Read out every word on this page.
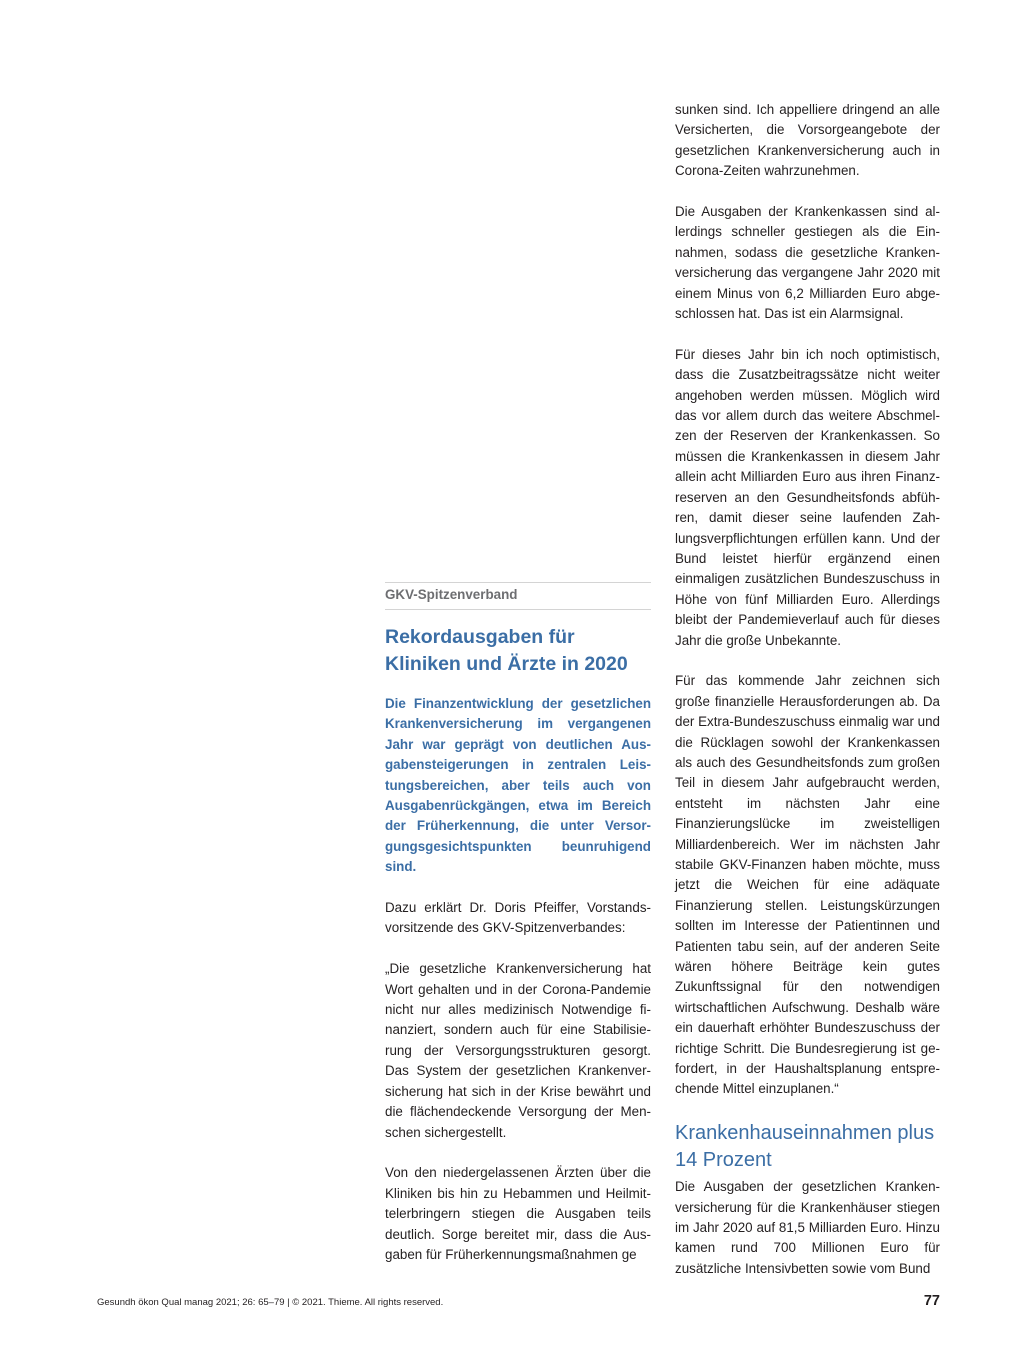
GKV-Spitzenverband
Rekordausgaben für
Kliniken und Ärzte in 2020

Die Finanzentwicklung der gesetzlichen Krankenversicherung im vergangenen Jahr war geprägt von deutlichen Ausgabensteigerungen in zentralen Leistungsbereichen, aber teils auch von Ausgabenrückgängen, etwa im Bereich der Früherkennung, die unter Versorgungsgesichtspunkten beunruhigend sind.

Dazu erklärt Dr. Doris Pfeiffer, Vorstandsvorsitzende des GKV-Spitzenverbandes:

„Die gesetzliche Krankenversicherung hat Wort gehalten und in der Corona-Pandemie nicht nur alles medizinisch Notwendige finanziert, sondern auch für eine Stabilisierung der Versorgungsstrukturen gesorgt. Das System der gesetzlichen Krankenversicherung hat sich in der Krise bewährt und die flächendeckende Versorgung der Menschen sichergestellt.

Von den niedergelassenen Ärzten über die Kliniken bis hin zu Hebammen und Heilmittelerbringern stiegen die Ausgaben teils deutlich. Sorge bereitet mir, dass die Ausgaben für Früherkennungsmaßnahmen ge

sunken sind. Ich appelliere dringend an alle Versicherten, die Vorsorgeangebote der gesetzlichen Krankenversicherung auch in Corona-Zeiten wahrzunehmen.

Die Ausgaben der Krankenkassen sind allerdings schneller gestiegen als die Einnahmen, sodass die gesetzliche Krankenversicherung das vergangene Jahr 2020 mit einem Minus von 6,2 Milliarden Euro abgeschlossen hat. Das ist ein Alarmsignal.

Für dieses Jahr bin ich noch optimistisch, dass die Zusatzbeitragssätze nicht weiter angehoben werden müssen. Möglich wird das vor allem durch das weitere Abschmelzen der Reserven der Krankenkassen. So müssen die Krankenkassen in diesem Jahr allein acht Milliarden Euro aus ihren Finanzreserven an den Gesundheitsfonds abführen, damit dieser seine laufenden Zahlungsverpflichtungen erfüllen kann. Und der Bund leistet hierfür ergänzend einen einmaligen zusätzlichen Bundeszuschuss in Höhe von fünf Milliarden Euro. Allerdings bleibt der Pandemieverlauf auch für dieses Jahr die große Unbekannte.

Für das kommende Jahr zeichnen sich große finanzielle Herausforderungen ab. Da der Extra-Bundeszuschuss einmalig war und die Rücklagen sowohl der Krankenkassen als auch des Gesundheitsfonds zum großen Teil in diesem Jahr aufgebraucht werden, entsteht im nächsten Jahr eine Finanzierungslücke im zweistelligen Milliardenbereich. Wer im nächsten Jahr stabile GKV-Finanzen haben möchte, muss jetzt die Weichen für eine adäquate Finanzierung stellen. Leistungskürzungen sollten im Interesse der Patientinnen und Patienten tabu sein, auf der anderen Seite wären höhere Beiträge kein gutes Zukunftssignal für den notwendigen wirtschaftlichen Aufschwung. Deshalb wäre ein dauerhaft erhöhter Bundeszuschuss der richtige Schritt. Die Bundesregierung ist gefordert, in der Haushaltsplanung entsprechende Mittel einzuplanen.“

Krankenhauseinnahmen plus
14 Prozent

Die Ausgaben der gesetzlichen Krankenversicherung für die Krankenhäuser stiegen im Jahr 2020 auf 81,5 Milliarden Euro. Hinzu kamen rund 700 Millionen Euro für zusätzliche Intensivbetten sowie vom Bund

Gesundh ökon Qual manag 2021; 26: 65–79 | © 2021. Thieme. All rights reserved.	77
